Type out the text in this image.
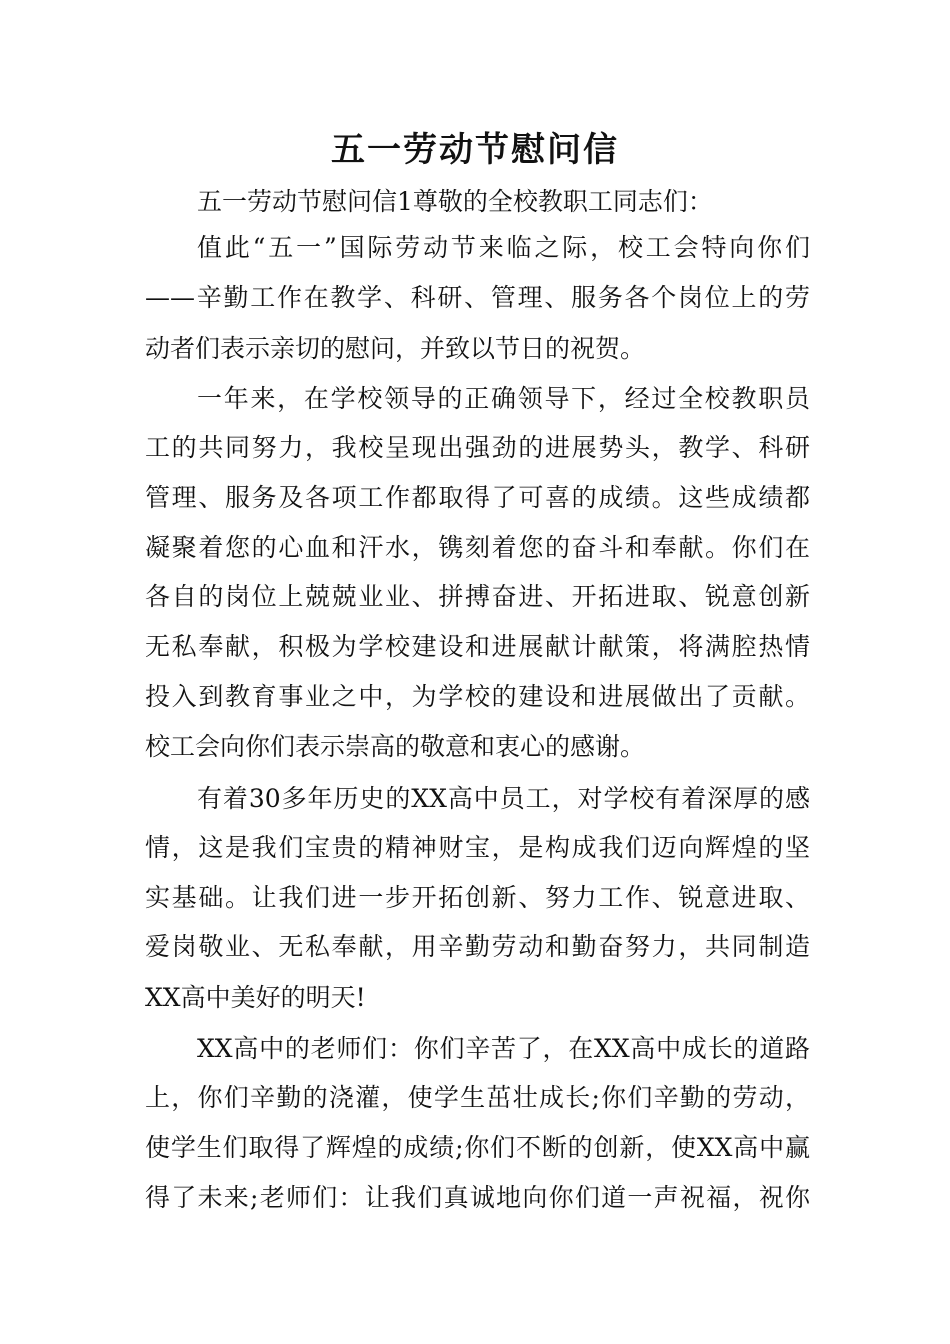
五一劳动节慰问信
五一劳动节慰问信1尊敬的全校教职工同志们：
值此“五一”国际劳动节来临之际，校工会特向你们
——辛勤工作在教学、科研、管理、服务各个岗位上的劳
动者们表示亲切的慰问，并致以节日的祝贺。
一年来，在学校领导的正确领导下，经过全校教职员
工的共同努力，我校呈现出强劲的进展势头，教学、科研
管理、服务及各项工作都取得了可喜的成绩。这些成绩都
凝聚着您的心血和汗水，镌刻着您的奋斗和奉献。你们在
各自的岗位上兢兢业业、拼搏奋进、开拓进取、锐意创新
无私奉献，积极为学校建设和进展献计献策，将满腔热情
投入到教育事业之中，为学校的建设和进展做出了贡献。
校工会向你们表示崇高的敬意和衷心的感谢。
有着30多年历史的XX高中员工，对学校有着深厚的感
情，这是我们宝贵的精神财宝，是构成我们迈向辉煌的坚
实基础。让我们进一步开拓创新、努力工作、锐意进取、
爱岗敬业、无私奉献，用辛勤劳动和勤奋努力，共同制造
XX高中美好的明天!
XX高中的老师们：你们辛苦了，在XX高中成长的道路
上，你们辛勤的浇灌，使学生茁壮成长;你们辛勤的劳动，
使学生们取得了辉煌的成绩;你们不断的创新，使XX高中赢
得了未来;老师们：让我们真诚地向你们道一声祝福，祝你
